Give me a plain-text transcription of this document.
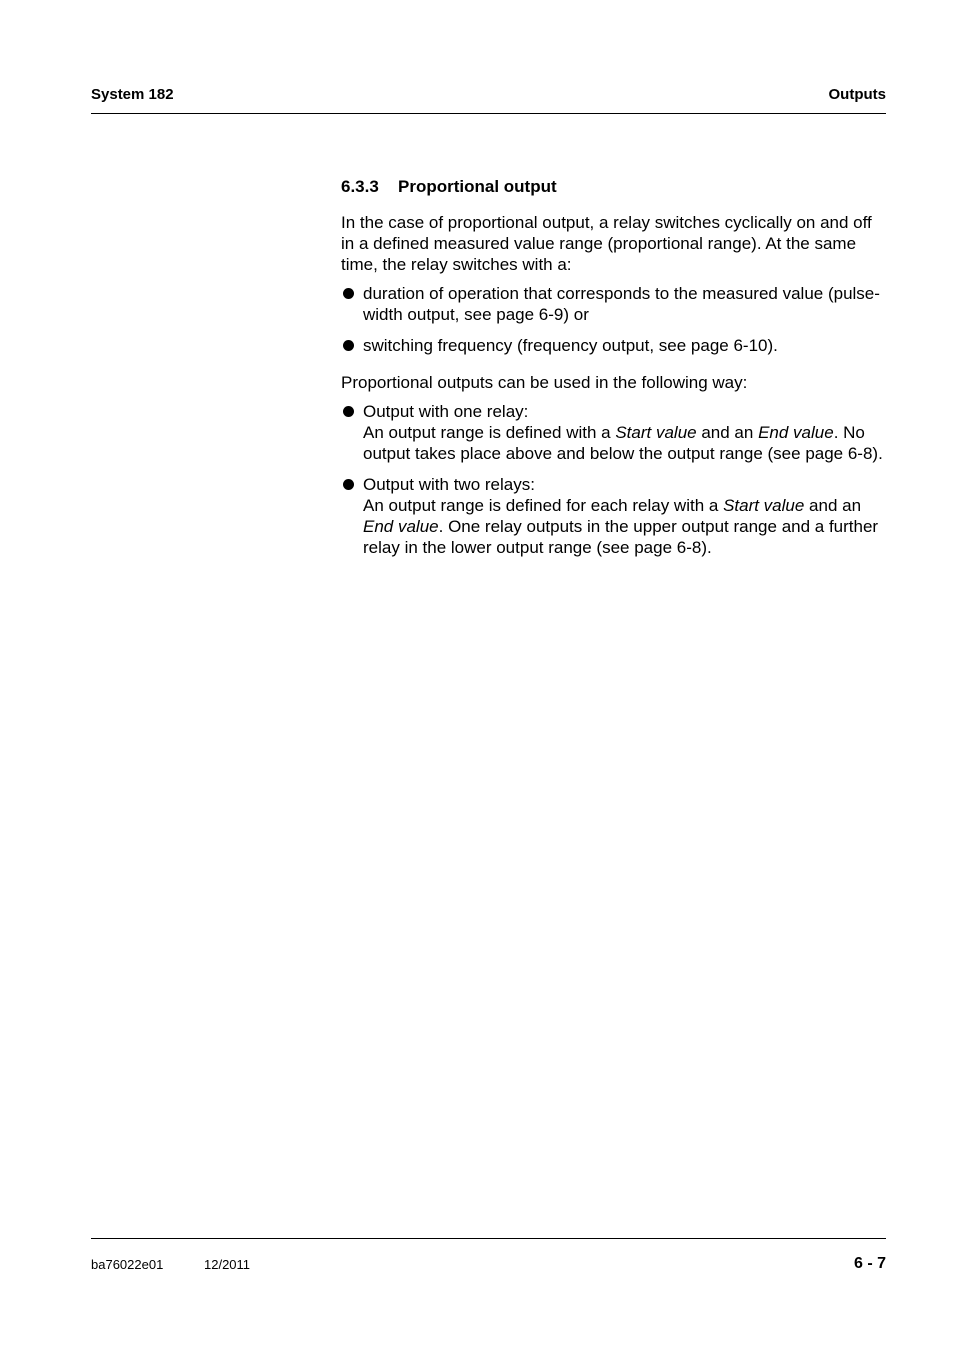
System 182	Outputs
6.3.3 Proportional output

In the case of proportional output, a relay switches cyclically on and off in a defined measured value range (proportional range). At the same time, the relay switches with a:

duration of operation that corresponds to the measured value (pulse-width output, see page 6-9) or
switching frequency (frequency output, see page 6-10).

Proportional outputs can be used in the following way:

Output with one relay:
An output range is defined with a Start value and an End value. No output takes place above and below the output range (see page 6-8).
Output with two relays:
An output range is defined for each relay with a Start value and an End value. One relay outputs in the upper output range and a further relay in the lower output range (see page 6-8).
ba76022e01	12/2011	6 - 7
